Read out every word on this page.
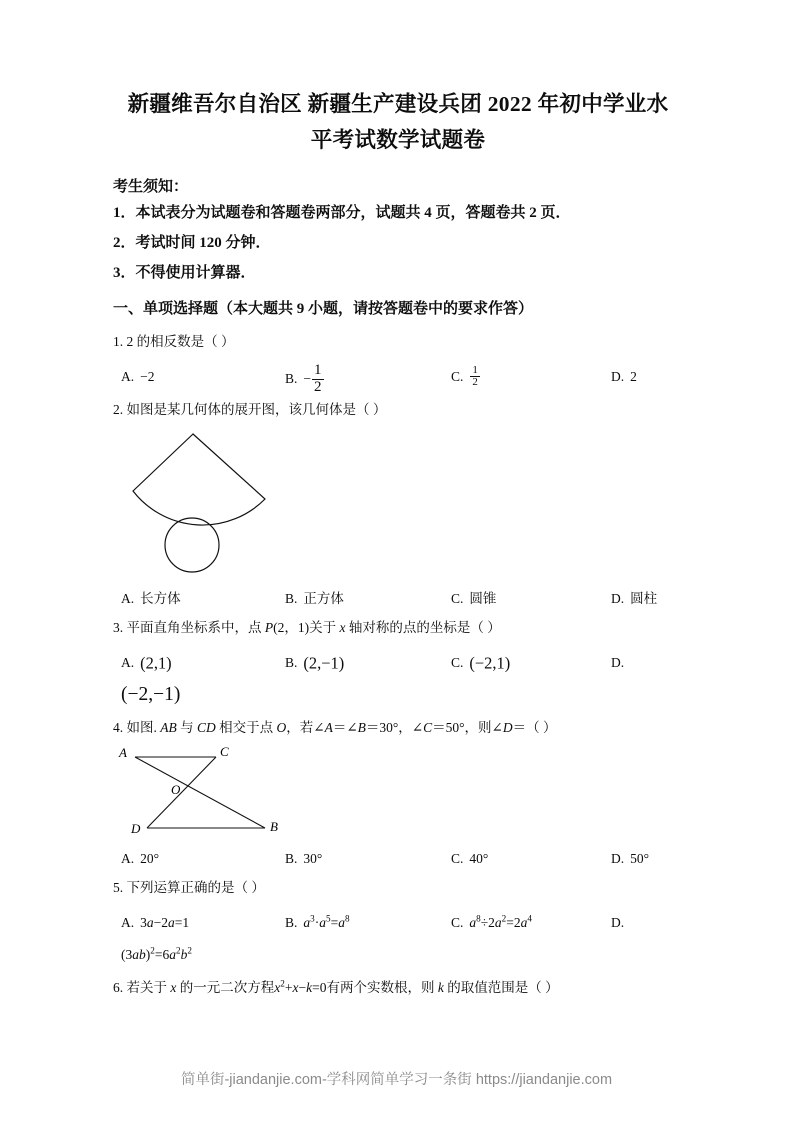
新疆维吾尔自治区 新疆生产建设兵团 2022 年初中学业水
平考试数学试题卷
考生须知：
1．本试表分为试题卷和答题卷两部分，试题共 4 页，答题卷共 2 页．
2．考试时间 120 分钟．
3．不得使用计算器．
一、单项选择题（本大题共 9 小题，请按答题卷中的要求作答）
1. 2 的相反数是（ ）
A. −2	B. − $\frac{1}{2}$	C. $\frac{1}{2}$	D. 2
2. 如图是某几何体的展开图，该几何体是（ ）
A. 长方体	B. 正方体	C. 圆锥	D. 圆柱
3. 平面直角坐标系中，点 P(2，1)关于 x 轴对称的点的坐标是（ ）
A. (2,1)	B. (2,−1)	C. (−2,1)	D.
(−2,−1)
4. 如图. AB 与 CD 相交于点 O，若∠A＝∠B＝30°，∠C＝50°，则∠D＝（ ）
A	C
O
D	B
A. 20°	B. 30°	C. 40°	D. 50°
5. 下列运算正确的是（ ）
A. 3a−2a=1	B. $a^3\cdot a^5=a^8$	C. $a^8\div 2a^2=2a^4$	D.
$(3ab)^2=6a^2b^2$
6. 若关于 x 的一元二次方程$x^2+x-k=0$有两个实数根，则 k 的取值范围是（ ）
简单街-jiandanjie.com-学科网简单学习一条街 https://jiandanjie.com
